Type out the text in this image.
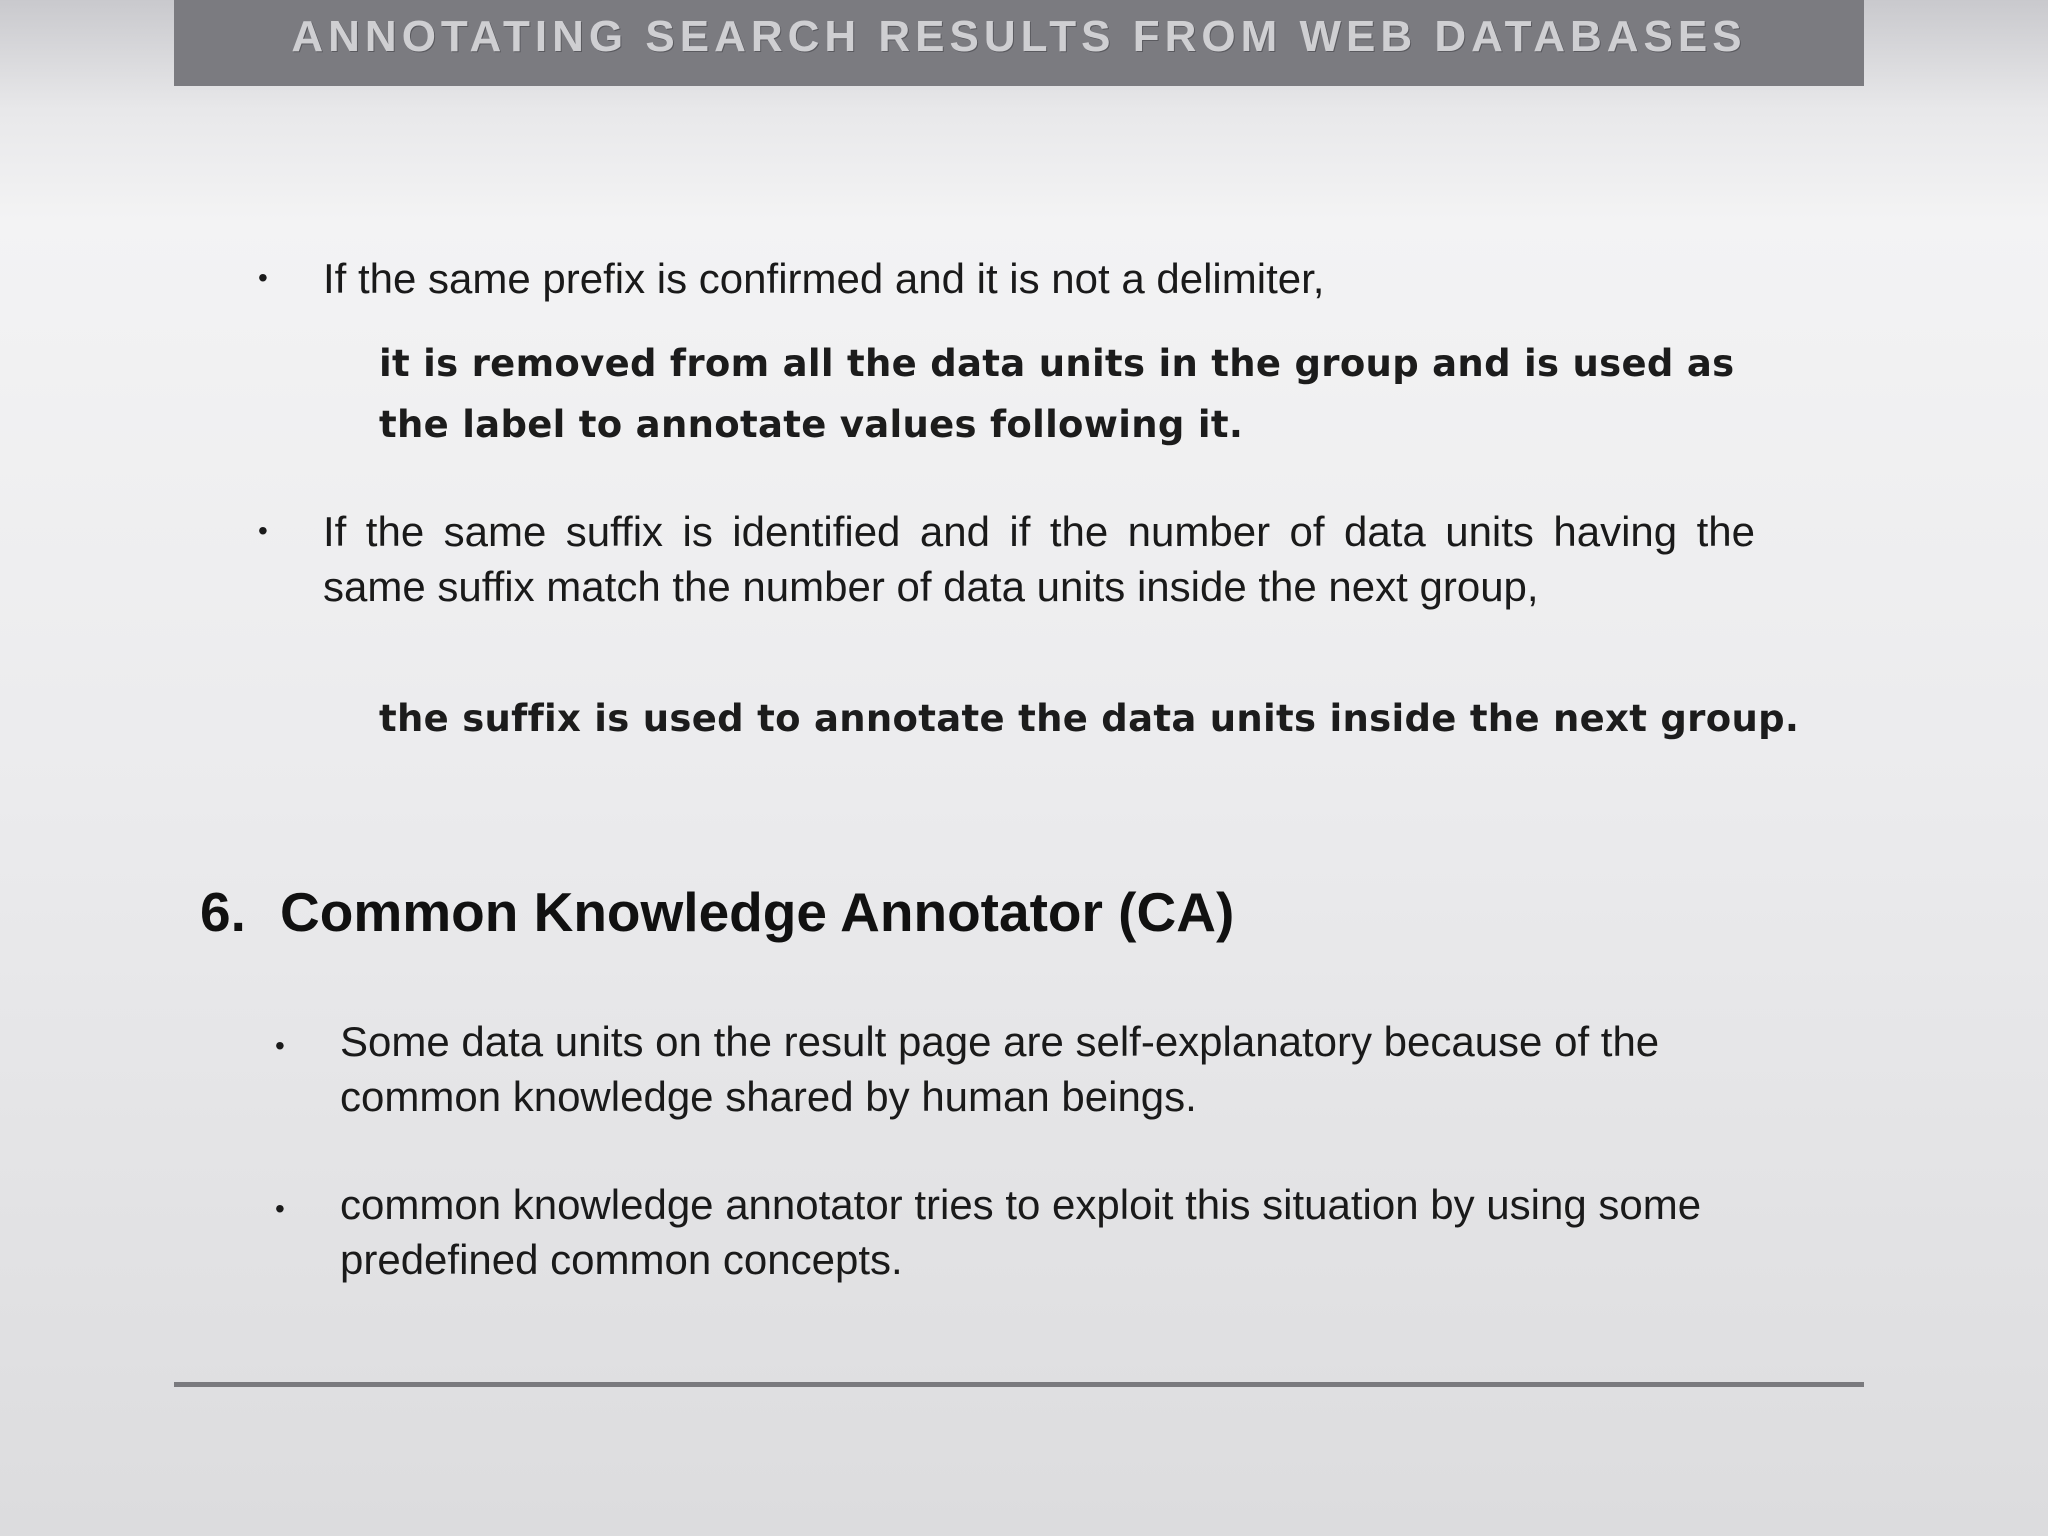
ANNOTATING SEARCH RESULTS FROM WEB DATABASES
• If the same prefix is confirmed and it is not a delimiter,

it is removed from all the data units in the group and is used as the label to annotate values following it.

• If the same suffix is identified and if the number of data units having the same suffix match the number of data units inside the next group,

the suffix is used to annotate the data units inside the next group.

6. Common Knowledge Annotator (CA)
• Some data units on the result page are self-explanatory because of the common knowledge shared by human beings.

• common knowledge annotator tries to exploit this situation by using some predefined common concepts.
